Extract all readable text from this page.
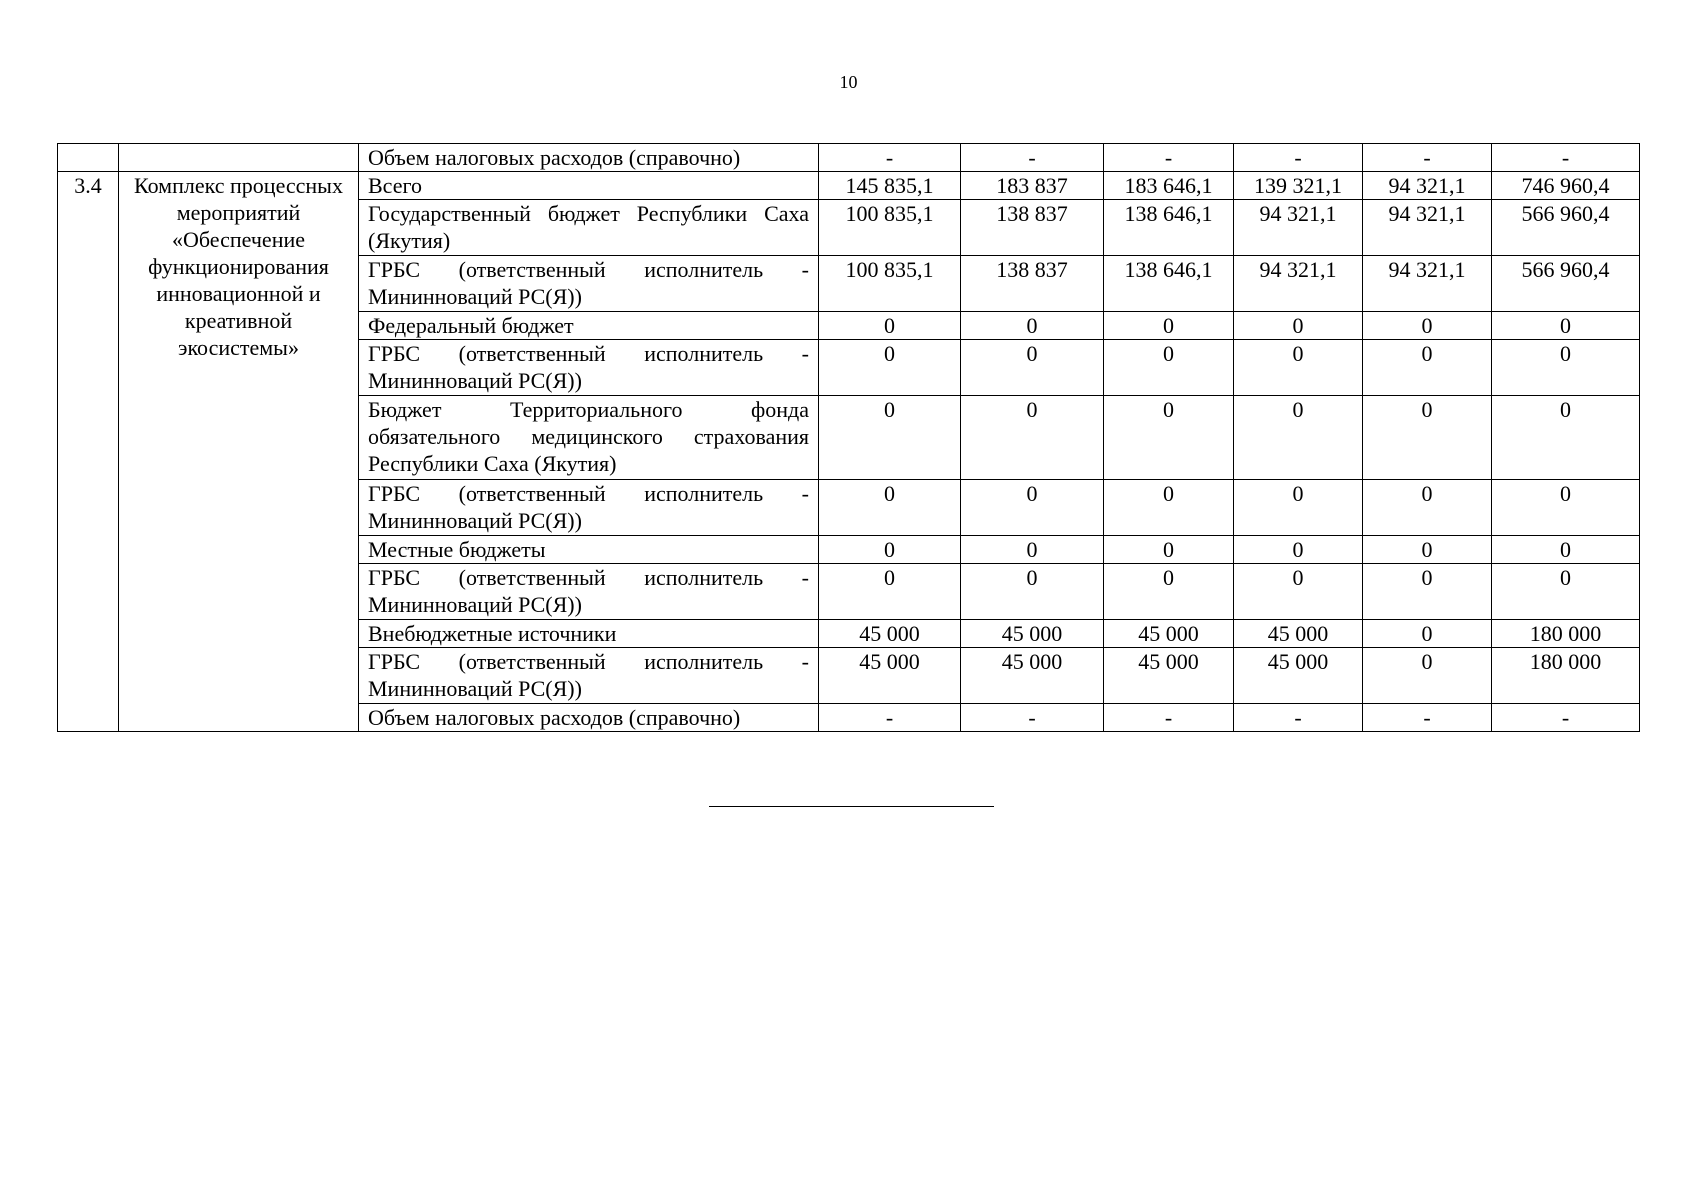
10
		Объем налоговых расходов (справочно)	-	-	-	-	-	-
3.4	Комплекс процессных мероприятий «Обеспечение функционирования инновационной и креативной экосистемы»	Всего	145 835,1	183 837	183 646,1	139 321,1	94 321,1	746 960,4
		Государственный бюджет Республики Саха (Якутия)	100 835,1	138 837	138 646,1	94 321,1	94 321,1	566 960,4
		ГРБС (ответственный исполнитель - Мининноваций РС(Я))	100 835,1	138 837	138 646,1	94 321,1	94 321,1	566 960,4
		Федеральный бюджет	0	0	0	0	0	0
		ГРБС (ответственный исполнитель - Мининноваций РС(Я))	0	0	0	0	0	0
		Бюджет Территориального фонда обязательного медицинского страхования Республики Саха (Якутия)	0	0	0	0	0	0
		ГРБС (ответственный исполнитель - Мининноваций РС(Я))	0	0	0	0	0	0
		Местные бюджеты	0	0	0	0	0	0
		ГРБС (ответственный исполнитель - Мининноваций РС(Я))	0	0	0	0	0	0
		Внебюджетные источники	45 000	45 000	45 000	45 000	0	180 000
		ГРБС (ответственный исполнитель - Мининноваций РС(Я))	45 000	45 000	45 000	45 000	0	180 000
		Объем налоговых расходов (справочно)	-	-	-	-	-	-
